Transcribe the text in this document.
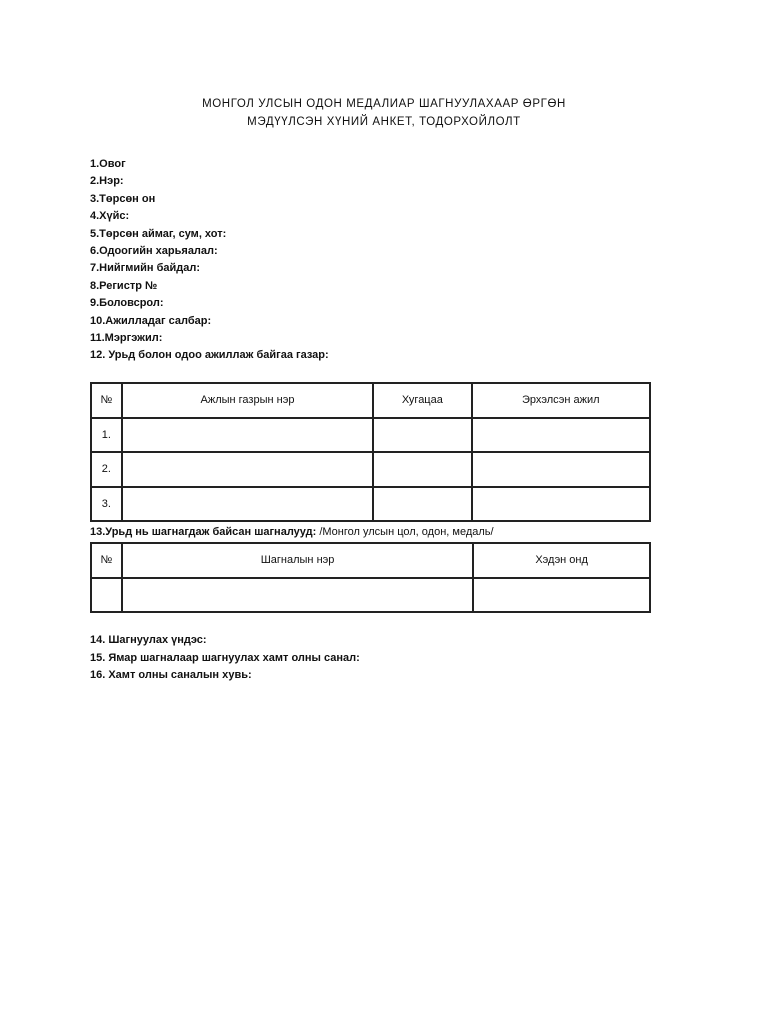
МОНГОЛ УЛСЫН ОДОН МЕДАЛИАР ШАГНУУЛАХААР ӨРГӨН
МЭДҮҮЛСЭН ХҮНИЙ АНКЕТ, ТОДОРХОЙЛОЛТ
1.Овог
2.Нэр:
3.Төрсөн он
4.Хүйс:
5.Төрсөн аймаг, сум, хот:
6.Одоогийн харьяалал:
7.Нийгмийн байдал:
8.Регистр №
9.Боловсрол:
10.Ажилладаг салбар:
11.Мэргэжил:
12. Урьд болон одоо ажиллаж байгаа газар:
№	Ажлын газрын нэр	Хугацаа	Эрхэлсэн ажил
1.			
2.			
3.			
13.Урьд нь шагнагдаж байсан шагналууд: /Монгол улсын цол, одон, медаль/
№	Шагналын нэр	Хэдэн онд

14. Шагнуулах үндэс:
15. Ямар шагналаар шагнуулах хамт олны санал:
16. Хамт олны саналын хувь:
